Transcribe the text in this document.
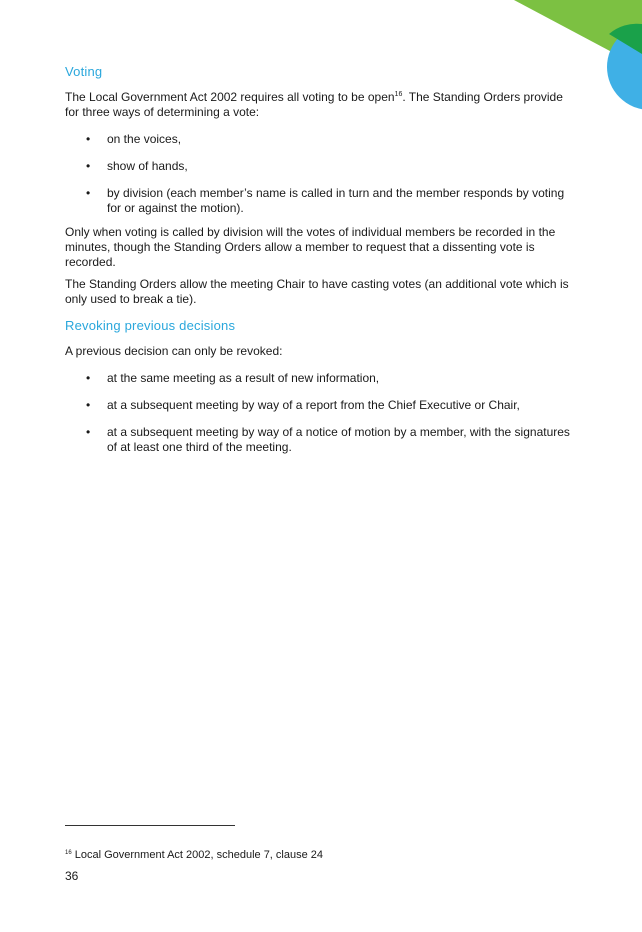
Voting

The Local Government Act 2002 requires all voting to be open$^{16}$. The Standing Orders provide for three ways of determining a vote:

• on the voices,
• show of hands,
• by division (each member’s name is called in turn and the member responds by voting for or against the motion).

Only when voting is called by division will the votes of individual members be recorded in the minutes, though the Standing Orders allow a member to request that a dissenting vote is recorded.

The Standing Orders allow the meeting Chair to have casting votes (an additional vote which is only used to break a tie).

Revoking previous decisions

A previous decision can only be revoked:

• at the same meeting as a result of new information,
• at a subsequent meeting by way of a report from the Chief Executive or Chair,
• at a subsequent meeting by way of a notice of motion by a member, with the signatures of at least one third of the meeting.
$^{16}$ Local Government Act 2002, schedule 7, clause 24
36
